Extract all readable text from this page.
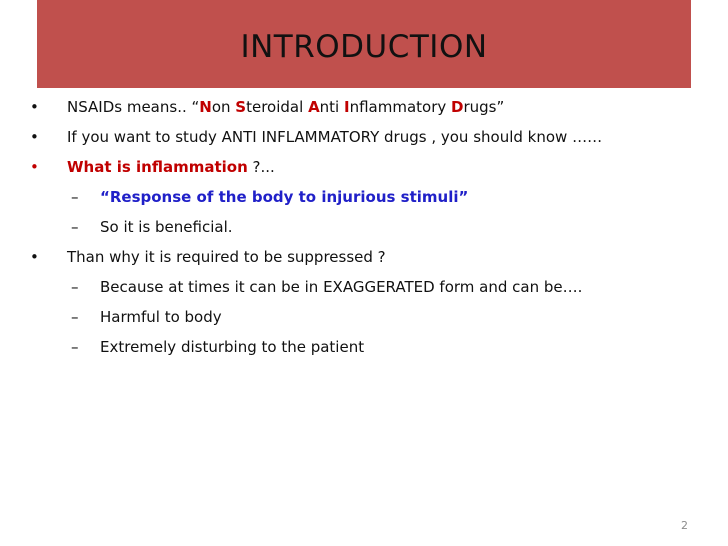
INTRODUCTION
• NSAIDs means.. “Non Steroidal Anti Inflammatory Drugs”
• If you want to study ANTI INFLAMMATORY drugs , you should know ……
• What is inflammation ?...
– “Response of the body to injurious stimuli”
– So it is beneficial.
• Than why it is required to be suppressed ?
– Because at times it can be in EXAGGERATED form and can be….
– Harmful to body
– Extremely disturbing to the patient
2
